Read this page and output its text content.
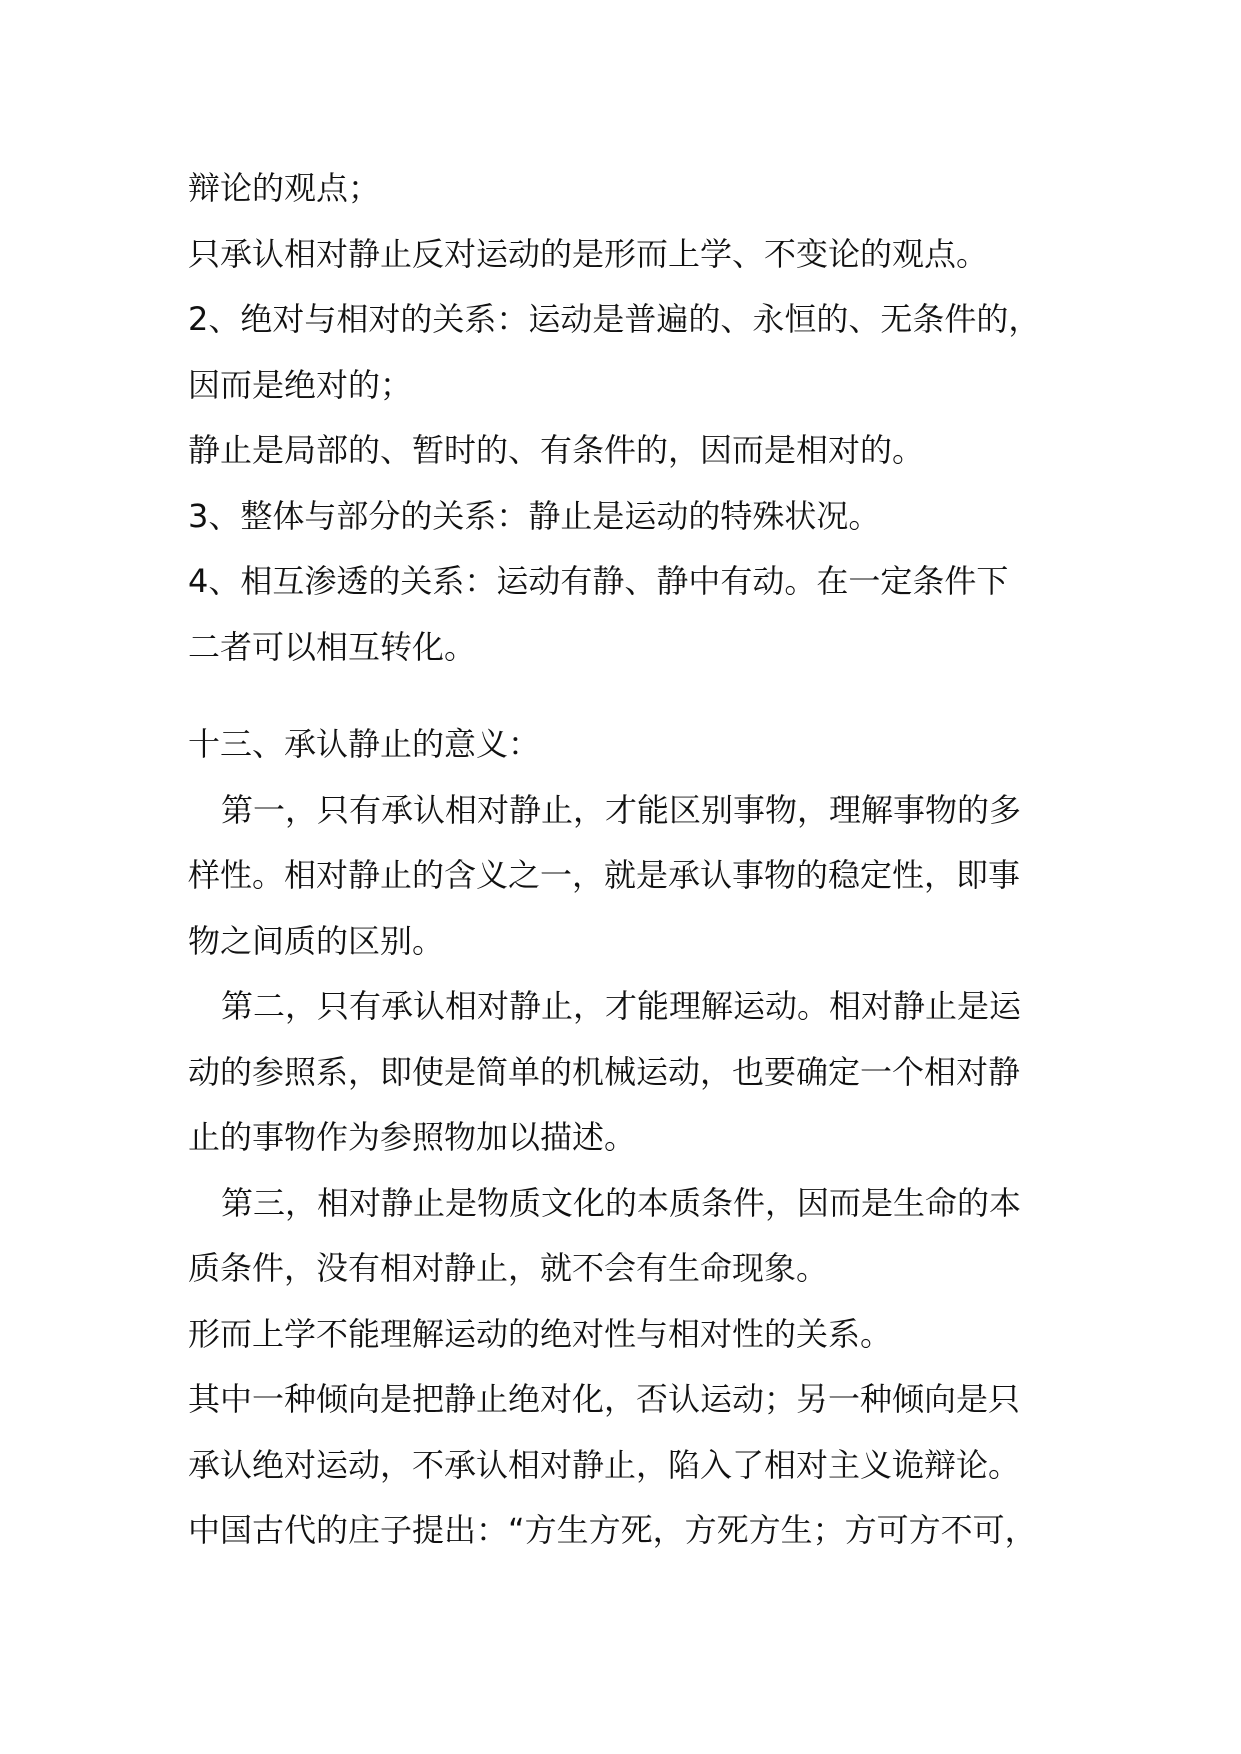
辩论的观点；
只承认相对静止反对运动的是形而上学、不变论的观点。
2、绝对与相对的关系：运动是普遍的、永恒的、无条件的，
因而是绝对的；
静止是局部的、暂时的、有条件的，因而是相对的。
3、整体与部分的关系：静止是运动的特殊状况。
4、相互渗透的关系：运动有静、静中有动。在一定条件下
二者可以相互转化。
十三、承认静止的意义：
第一，只有承认相对静止，才能区别事物，理解事物的多
样性。相对静止的含义之一，就是承认事物的稳定性，即事
物之间质的区别。
第二，只有承认相对静止，才能理解运动。相对静止是运
动的参照系，即使是简单的机械运动，也要确定一个相对静
止的事物作为参照物加以描述。
第三，相对静止是物质文化的本质条件，因而是生命的本
质条件，没有相对静止，就不会有生命现象。
形而上学不能理解运动的绝对性与相对性的关系。
其中一种倾向是把静止绝对化，否认运动；另一种倾向是只
承认绝对运动，不承认相对静止，陷入了相对主义诡辩论。
中国古代的庄子提出：“方生方死，方死方生；方可方不可，
